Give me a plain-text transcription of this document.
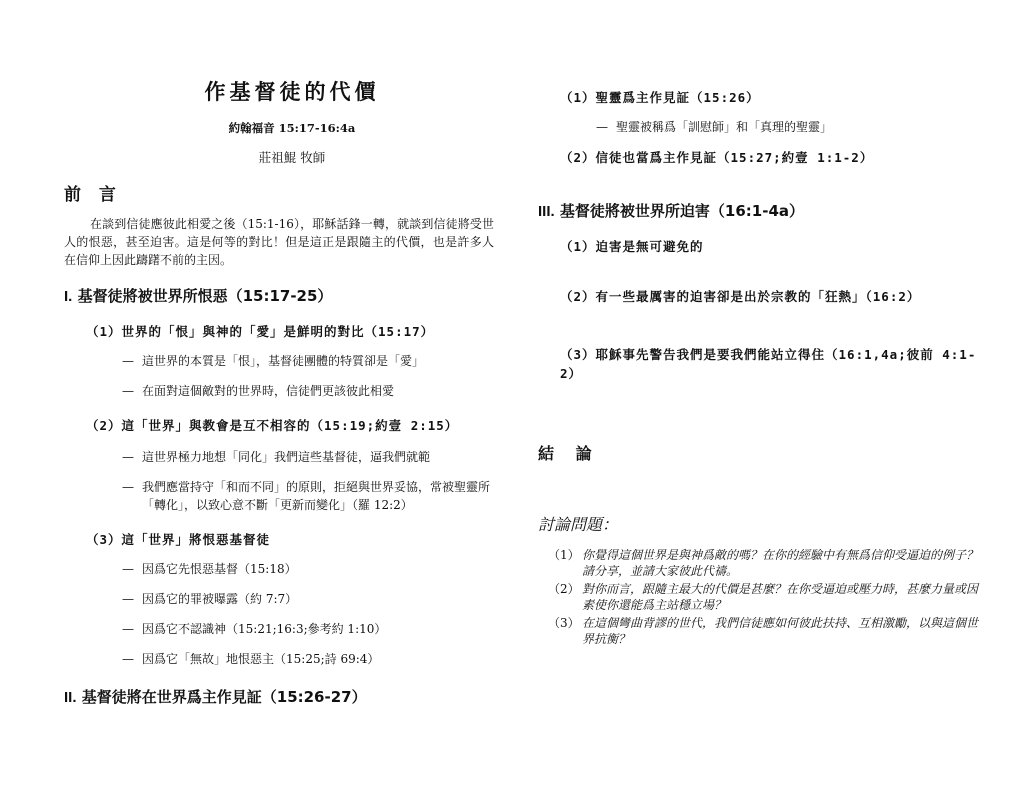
作基督徒的代價
約翰福音 15:17-16:4a
莊祖鯤 牧師
前 言
在談到信徒應彼此相愛之後（15:1-16），耶穌話鋒一轉，就談到信徒將受世人的恨惡，甚至迫害。這是何等的對比！但是這正是跟隨主的代價，也是許多人在信仰上因此躊躇不前的主因。
I. 基督徒將被世界所恨惡（15:17-25）
（1）世界的「恨」與神的「愛」是鮮明的對比（15:17）
— 這世界的本質是「恨」，基督徒團體的特質卻是「愛」
— 在面對這個敵對的世界時，信徒們更該彼此相愛
（2）這「世界」與教會是互不相容的（15:19;約壹 2:15）
— 這世界極力地想「同化」我們這些基督徒，逼我們就範
— 我們應當持守「和而不同」的原則，拒絕與世界妥協，常被聖靈所「轉化」，以致心意不斷「更新而變化」（羅 12:2）
（3）這「世界」將恨惡基督徒
— 因爲它先恨惡基督（15:18）
— 因爲它的罪被曝露（約 7:7）
— 因爲它不認識神（15:21;16:3;參考約 1:10）
— 因爲它「無故」地恨惡主（15:25;詩 69:4）
II. 基督徒將在世界爲主作見証（15:26-27）
（1）聖靈爲主作見証（15:26）
— 聖靈被稱爲「訓慰師」和「真理的聖靈」
（2）信徒也當爲主作見証（15:27;約壹 1:1-2）
III. 基督徒將被世界所迫害（16:1-4a）
（1）迫害是無可避免的
（2）有一些最厲害的迫害卻是出於宗教的「狂熱」（16:2）
（3）耶穌事先警告我們是要我們能站立得住（16:1,4a;彼前 4:1-2）
結 論
討論問題：
（1） 你覺得這個世界是與神爲敵的嗎？在你的經驗中有無爲信仰受逼迫的例子？請分享，並請大家彼此代禱。
（2） 對你而言，跟隨主最大的代價是甚麼？在你受逼迫或壓力時，甚麼力量或因素使你還能爲主站穩立場？
（3） 在這個彎曲背謬的世代，我們信徒應如何彼此扶持、互相激勵，以與這個世界抗衡？
